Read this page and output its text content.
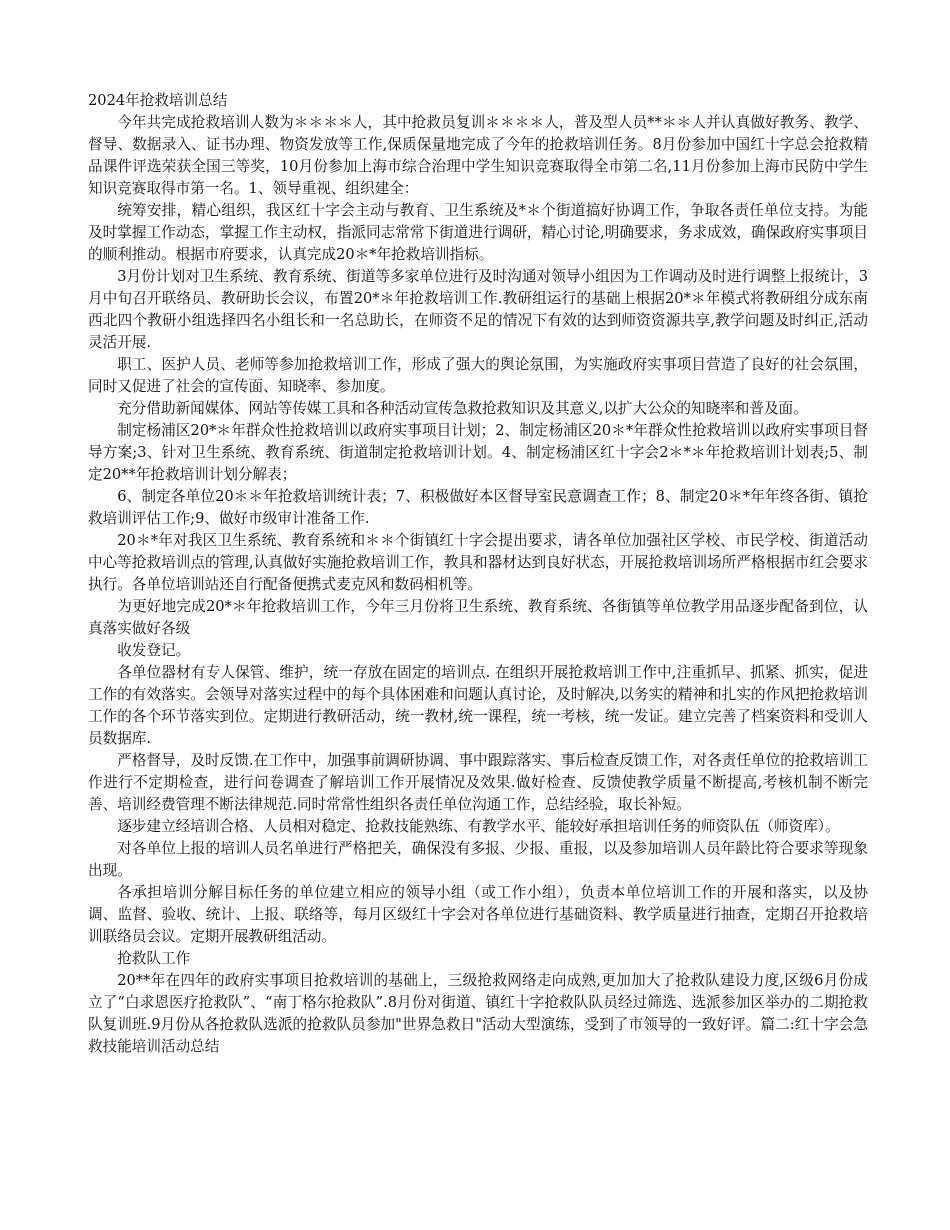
2024年抢救培训总结

今年共完成抢救培训人数为＊＊＊＊人，其中抢救员复训＊＊＊＊人，普及型人员**＊＊人并认真做好教务、教学、督导、数据录入、证书办理、物资发放等工作,保质保量地完成了今年的抢救培训任务。8月份参加中国红十字总会抢救精品课件评选荣获全国三等奖，10月份参加上海市综合治理中学生知识竞赛取得全市第二名,11月份参加上海市民防中学生知识竞赛取得市第一名。1、领导重视、组织建全：

统筹安排，精心组织，我区红十字会主动与教育、卫生系统及*＊个街道搞好协调工作，争取各责任单位支持。为能及时掌握工作动态，掌握工作主动权，指派同志常常下街道进行调研，精心讨论,明确要求，务求成效，确保政府实事项目的顺利推动。根据市府要求，认真完成20＊*年抢救培训指标。

3月份计划对卫生系统、教育系统、街道等多家单位进行及时沟通对领导小组因为工作调动及时进行调整上报统计，3月中旬召开联络员、教研助长会议，布置20*＊年抢救培训工作.教研组运行的基础上根据20*＊年模式将教研组分成东南西北四个教研小组选择四名小组长和一名总助长，在师资不足的情况下有效的达到师资资源共享,教学问题及时纠正,活动灵活开展.

职工、医护人员、老师等参加抢救培训工作，形成了强大的舆论氛围，为实施政府实事项目营造了良好的社会氛围，同时又促进了社会的宣传面、知晓率、参加度。

充分借助新闻媒体、网站等传媒工具和各种活动宣传急救抢救知识及其意义,以扩大公众的知晓率和普及面。

制定杨浦区20*＊年群众性抢救培训以政府实事项目计划；2、制定杨浦区20＊*年群众性抢救培训以政府实事项目督导方案;3、针对卫生系统、教育系统、街道制定抢救培训计划。4、制定杨浦区红十字会2＊*＊年抢救培训计划表;5、制定20**年抢救培训计划分解表；

6、制定各单位20＊＊年抢救培训统计表；7、积极做好本区督导室民意调查工作；8、制定20＊*年年终各街、镇抢救培训评估工作;9、做好市级审计准备工作.

20＊*年对我区卫生系统、教育系统和＊＊个街镇红十字会提出要求，请各单位加强社区学校、市民学校、街道活动中心等抢救培训点的管理,认真做好实施抢救培训工作，教具和器材达到良好状态，开展抢救培训场所严格根据市红会要求执行。各单位培训站还自行配备便携式麦克风和数码相机等。

为更好地完成20*＊年抢救培训工作，今年三月份将卫生系统、教育系统、各街镇等单位教学用品逐步配备到位，认真落实做好各级

收发登记。

各单位器材有专人保管、维护，统一存放在固定的培训点. 在组织开展抢救培训工作中,注重抓早、抓紧、抓实，促进工作的有效落实。会领导对落实过程中的每个具体困难和问题认真讨论，及时解决,以务实的精神和扎实的作风把抢救培训工作的各个环节落实到位。定期进行教研活动，统一教材,统一课程，统一考核，统一发证。建立完善了档案资料和受训人员数据库.

严格督导，及时反馈.在工作中，加强事前调研协调、事中跟踪落实、事后检查反馈工作，对各责任单位的抢救培训工作进行不定期检查，进行问卷调查了解培训工作开展情况及效果.做好检查、反馈使教学质量不断提高,考核机制不断完善、培训经费管理不断法律规范.同时常常性组织各责任单位沟通工作，总结经验，取长补短。

逐步建立经培训合格、人员相对稳定、抢救技能熟练、有教学水平、能较好承担培训任务的师资队伍（师资库）。

对各单位上报的培训人员名单进行严格把关，确保没有多报、少报、重报，以及参加培训人员年龄比符合要求等现象出现。

各承担培训分解目标任务的单位建立相应的领导小组（或工作小组），负责本单位培训工作的开展和落实，以及协调、监督、验收、统计、上报、联络等，每月区级红十字会对各单位进行基础资料、教学质量进行抽查，定期召开抢救培训联络员会议。定期开展教研组活动。

抢救队工作

20**年在四年的政府实事项目抢救培训的基础上，三级抢救网络走向成熟,更加加大了抢救队建设力度,区级6月份成立了“白求恩医疗抢救队”、“南丁格尔抢救队”.8月份对街道、镇红十字抢救队队员经过筛选、选派参加区举办的二期抢救队复训班.9月份从各抢救队选派的抢救队员参加"世界急救日"活动大型演练，受到了市领导的一致好评。篇二:红十字会急救技能培训活动总结
